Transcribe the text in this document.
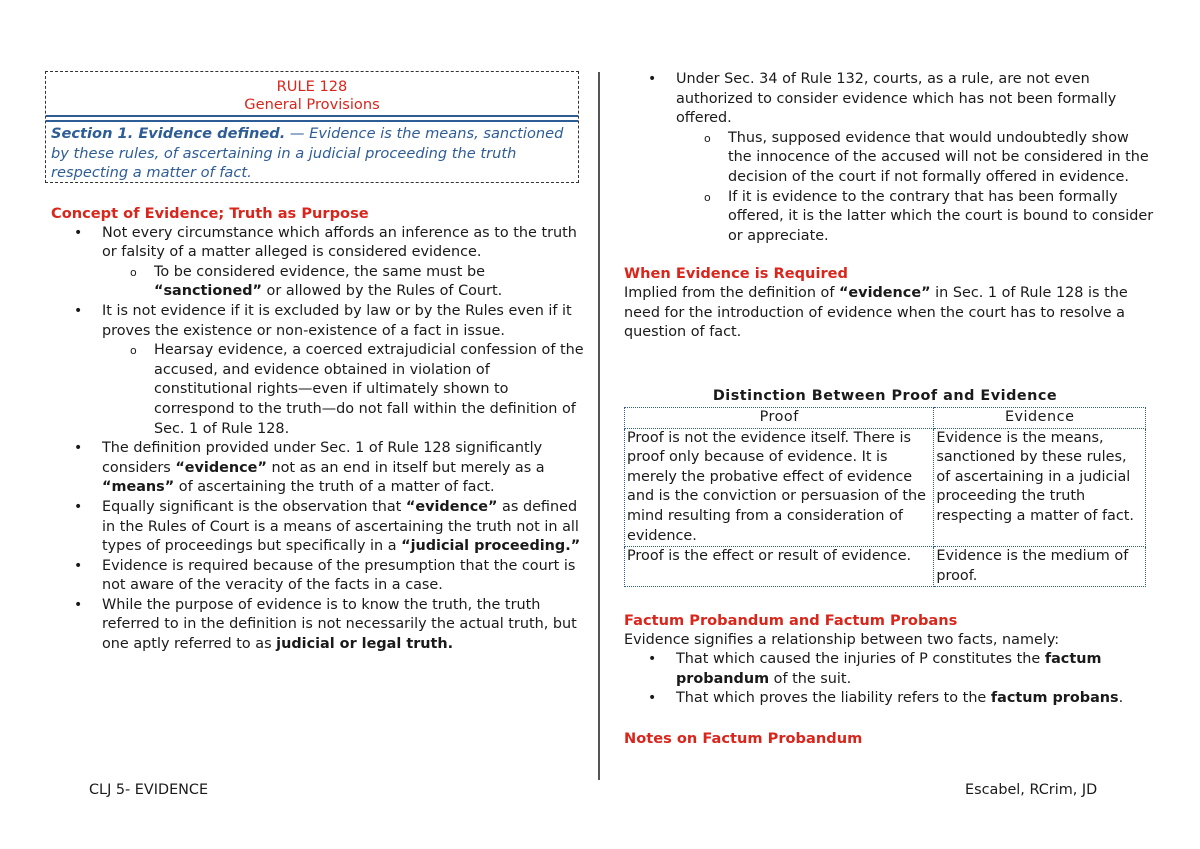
RULE 128
General Provisions
Section 1. Evidence defined. — Evidence is the means, sanctioned by these rules, of ascertaining in a judicial proceeding the truth respecting a matter of fact.
Concept of Evidence; Truth as Purpose
• Not every circumstance which affords an inference as to the truth or falsity of a matter alleged is considered evidence.
o To be considered evidence, the same must be “sanctioned” or allowed by the Rules of Court.
• It is not evidence if it is excluded by law or by the Rules even if it proves the existence or non-existence of a fact in issue.
o Hearsay evidence, a coerced extrajudicial confession of the accused, and evidence obtained in violation of constitutional rights—even if ultimately shown to correspond to the truth—do not fall within the definition of Sec. 1 of Rule 128.
• The definition provided under Sec. 1 of Rule 128 significantly considers “evidence” not as an end in itself but merely as a “means” of ascertaining the truth of a matter of fact.
• Equally significant is the observation that “evidence” as defined in the Rules of Court is a means of ascertaining the truth not in all types of proceedings but specifically in a “judicial proceeding.”
• Evidence is required because of the presumption that the court is not aware of the veracity of the facts in a case.
• While the purpose of evidence is to know the truth, the truth referred to in the definition is not necessarily the actual truth, but one aptly referred to as judicial or legal truth.
• Under Sec. 34 of Rule 132, courts, as a rule, are not even authorized to consider evidence which has not been formally offered.
o Thus, supposed evidence that would undoubtedly show the innocence of the accused will not be considered in the decision of the court if not formally offered in evidence.
o If it is evidence to the contrary that has been formally offered, it is the latter which the court is bound to consider or appreciate.
When Evidence is Required
Implied from the definition of “evidence” in Sec. 1 of Rule 128 is the need for the introduction of evidence when the court has to resolve a question of fact.
Distinction Between Proof and Evidence
Proof	Evidence
Proof is not the evidence itself. There is proof only because of evidence. It is merely the probative effect of evidence and is the conviction or persuasion of the mind resulting from a consideration of evidence.	Evidence is the means, sanctioned by these rules, of ascertaining in a judicial proceeding the truth respecting a matter of fact.
Proof is the effect or result of evidence.	Evidence is the medium of proof.
Factum Probandum and Factum Probans
Evidence signifies a relationship between two facts, namely:
• That which caused the injuries of P constitutes the factum probandum of the suit.
• That which proves the liability refers to the factum probans.
Notes on Factum Probandum
CLJ 5- EVIDENCE	Escabel, RCrim, JD
